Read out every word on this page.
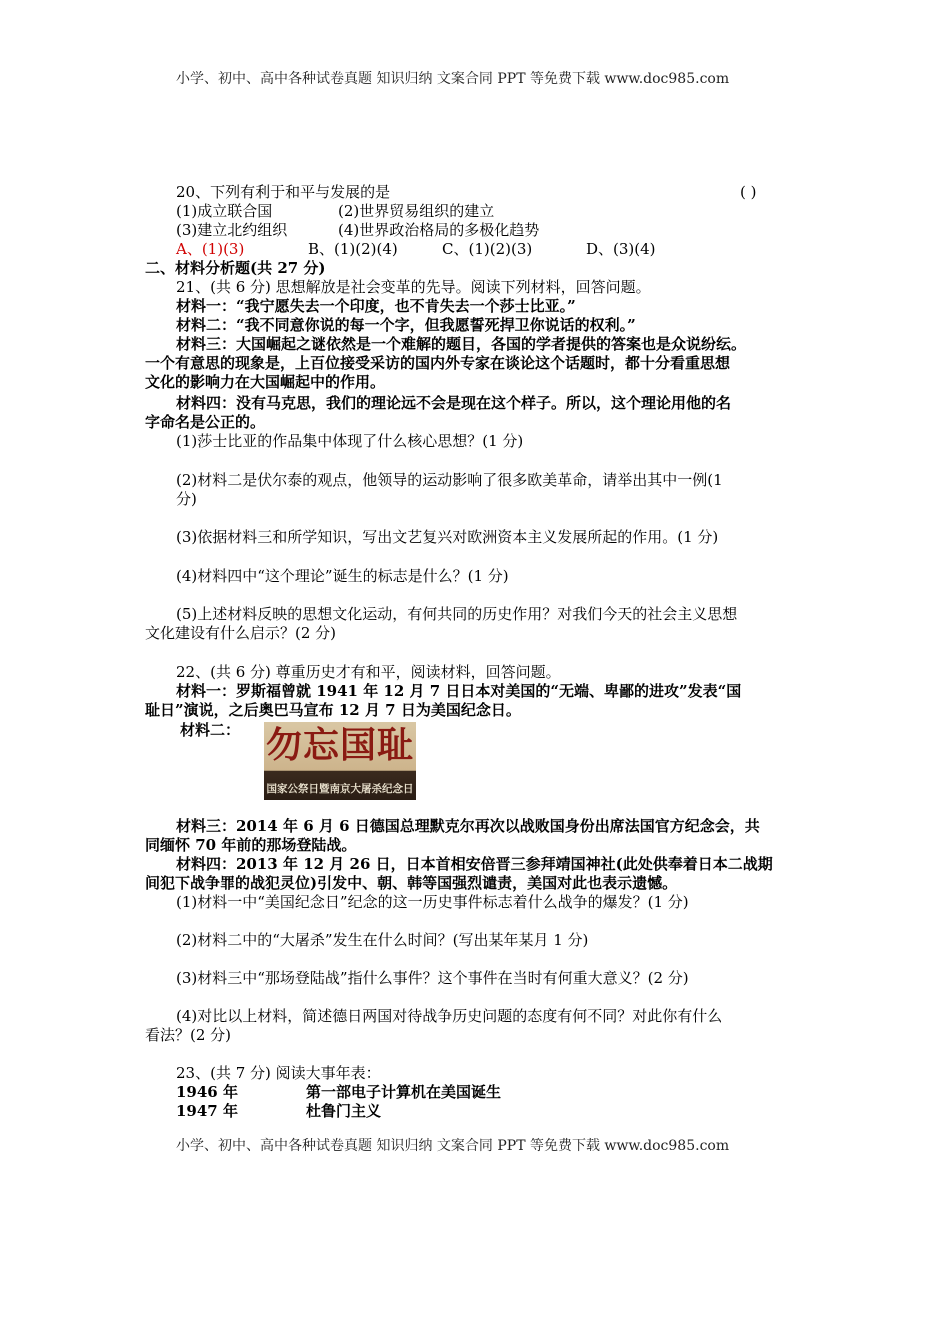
小学、初中、高中各种试卷真题 知识归纳 文案合同 PPT 等免费下载 www.doc985.com
20、下列有利于和平与发展的是	( )
(1)成立联合国	(2)世界贸易组织的建立
(3)建立北约组织	(4)世界政治格局的多极化趋势
A、(1)(3)	B、(1)(2)(4)	C、(1)(2)(3)	D、(3)(4)
二、材料分析题(共 27 分)
21、(共 6 分) 思想解放是社会变革的先导。阅读下列材料，回答问题。
材料一：“我宁愿失去一个印度，也不肯失去一个莎士比亚。”
材料二：“我不同意你说的每一个字，但我愿誓死捍卫你说话的权利。”
材料三：大国崛起之谜依然是一个难解的题目，各国的学者提供的答案也是众说纷纭。
一个有意思的现象是，上百位接受采访的国内外专家在谈论这个话题时，都十分看重思想
文化的影响力在大国崛起中的作用。
材料四：没有马克思，我们的理论远不会是现在这个样子。所以，这个理论用他的名
字命名是公正的。
(1)莎士比亚的作品集中体现了什么核心思想？(1 分)
(2)材料二是伏尔泰的观点，他领导的运动影响了很多欧美革命，请举出其中一例(1
分)
(3)依据材料三和所学知识，写出文艺复兴对欧洲资本主义发展所起的作用。(1 分)
(4)材料四中“这个理论”诞生的标志是什么？(1 分)
(5)上述材料反映的思想文化运动，有何共同的历史作用？对我们今天的社会主义思想
文化建设有什么启示？(2 分)
22、(共 6 分) 尊重历史才有和平，阅读材料，回答问题。
材料一：罗斯福曾就 1941 年 12 月 7 日日本对美国的“无端、卑鄙的进攻”发表“国
耻日”演说，之后奥巴马宣布 12 月 7 日为美国纪念日。
材料二： 勿忘国耻
国家公祭日暨南京大屠杀纪念日
材料三：2014 年 6 月 6 日德国总理默克尔再次以战败国身份出席法国官方纪念会，共
同缅怀 70 年前的那场登陆战。
材料四：2013 年 12 月 26 日，日本首相安倍晋三参拜靖国神社(此处供奉着日本二战期
间犯下战争罪的战犯灵位)引发中、朝、韩等国强烈谴责，美国对此也表示遗憾。
(1)材料一中“美国纪念日”纪念的这一历史事件标志着什么战争的爆发？(1 分)
(2)材料二中的“大屠杀”发生在什么时间？(写出某年某月 1 分)
(3)材料三中“那场登陆战”指什么事件？这个事件在当时有何重大意义？(2 分)
(4)对比以上材料，简述德日两国对待战争历史问题的态度有何不同？对此你有什么
看法？(2 分)
23、(共 7 分) 阅读大事年表：
1946 年	第一部电子计算机在美国诞生
1947 年	杜鲁门主义
小学、初中、高中各种试卷真题 知识归纳 文案合同 PPT 等免费下载 www.doc985.com
